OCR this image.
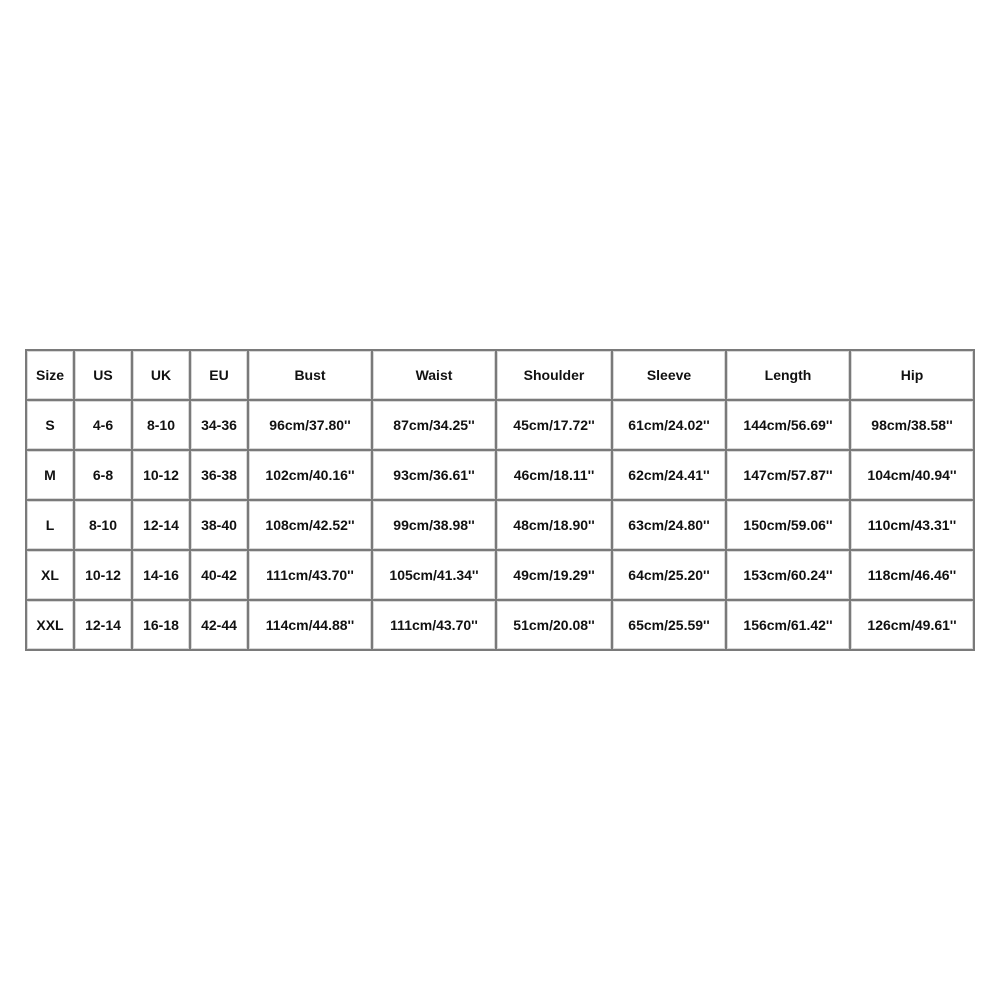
Size	US	UK	EU	Bust	Waist	Shoulder	Sleeve	Length	Hip
S	4-6	8-10	34-36	96cm/37.80''	87cm/34.25''	45cm/17.72''	61cm/24.02''	144cm/56.69''	98cm/38.58''
M	6-8	10-12	36-38	102cm/40.16''	93cm/36.61''	46cm/18.11''	62cm/24.41''	147cm/57.87''	104cm/40.94''
L	8-10	12-14	38-40	108cm/42.52''	99cm/38.98''	48cm/18.90''	63cm/24.80''	150cm/59.06''	110cm/43.31''
XL	10-12	14-16	40-42	111cm/43.70''	105cm/41.34''	49cm/19.29''	64cm/25.20''	153cm/60.24''	118cm/46.46''
XXL	12-14	16-18	42-44	114cm/44.88''	111cm/43.70''	51cm/20.08''	65cm/25.59''	156cm/61.42''	126cm/49.61''
